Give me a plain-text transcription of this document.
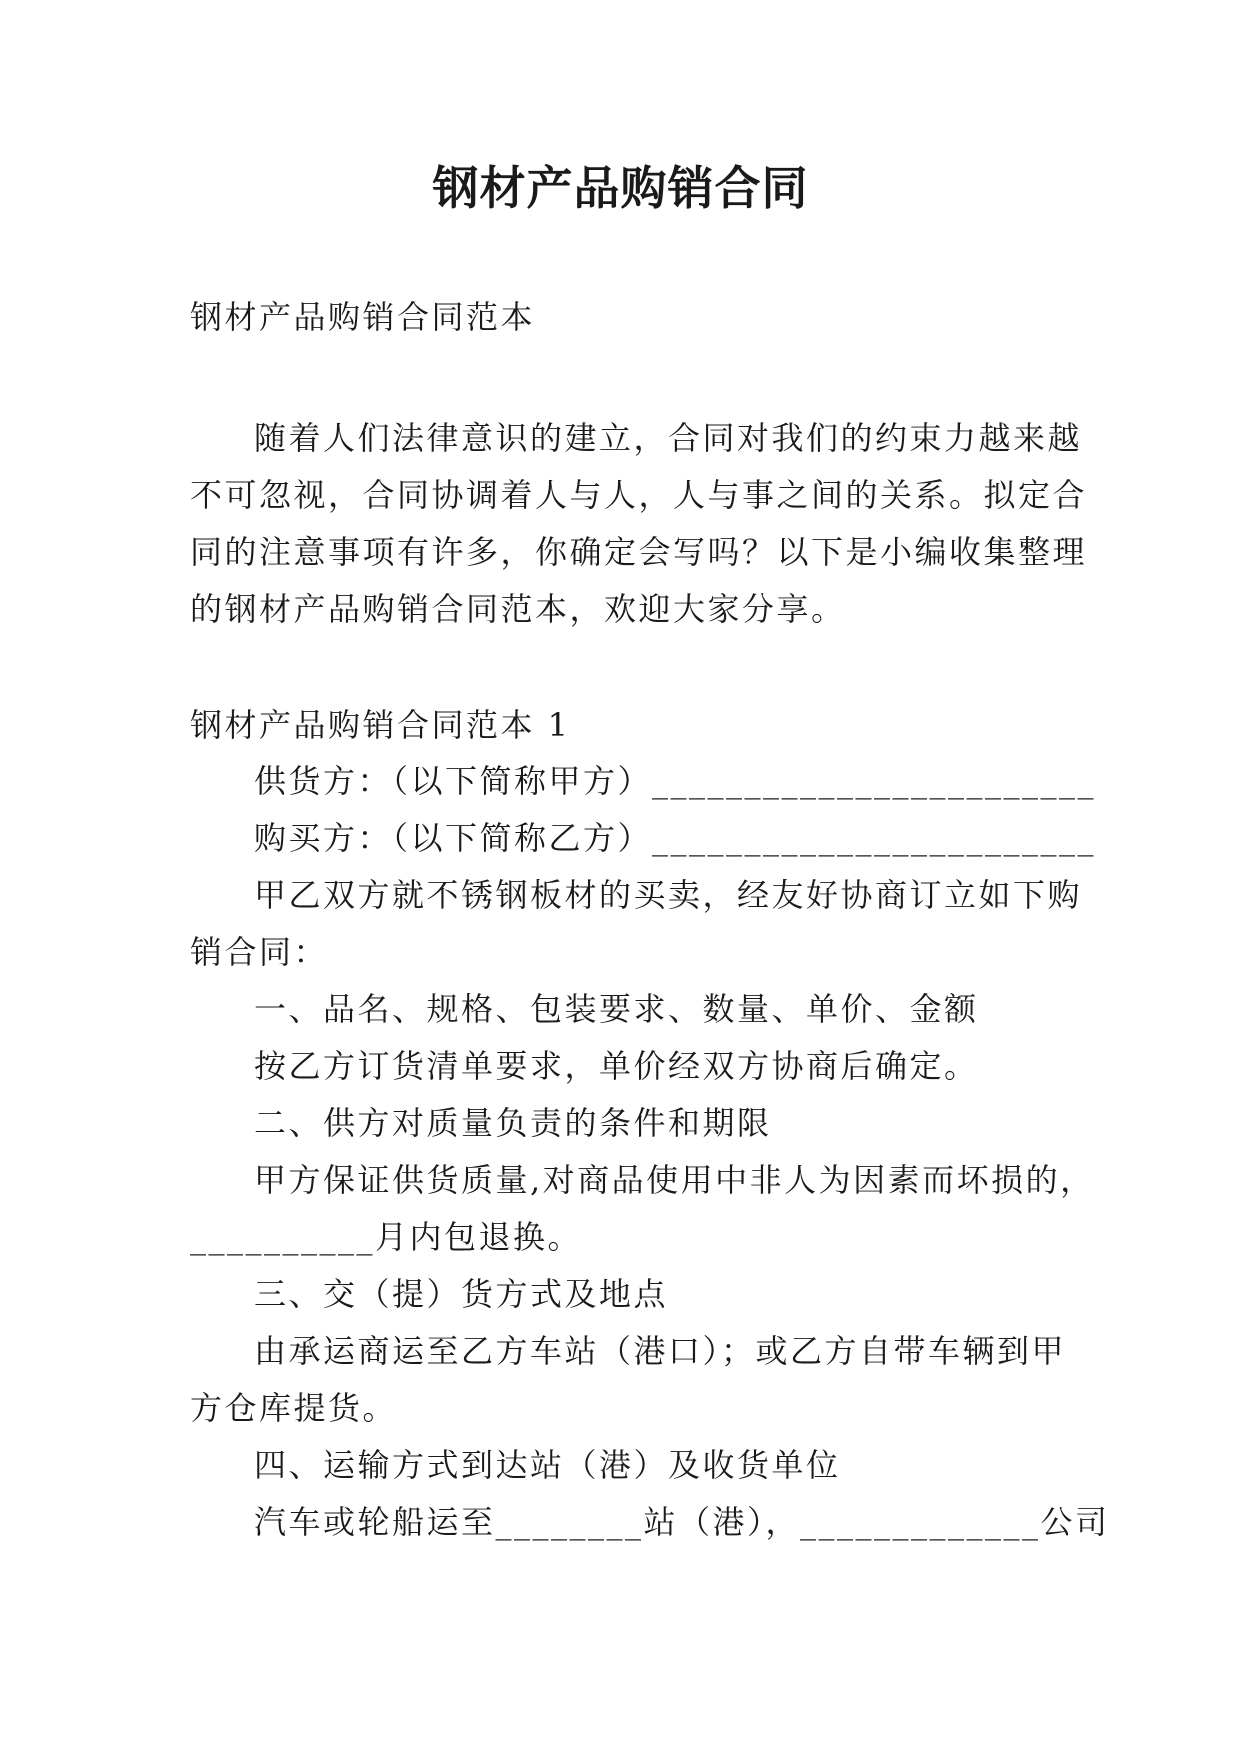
钢材产品购销合同
钢材产品购销合同范本
随着人们法律意识的建立，合同对我们的约束力越来越
不可忽视，合同协调着人与人，人与事之间的关系。拟定合
同的注意事项有许多，你确定会写吗？以下是小编收集整理
的钢材产品购销合同范本，欢迎大家分享。
钢材产品购销合同范本 1
供货方：（以下简称甲方）________________________
购买方：（以下简称乙方）________________________
甲乙双方就不锈钢板材的买卖，经友好协商订立如下购
销合同：
一、品名、规格、包装要求、数量、单价、金额
按乙方订货清单要求，单价经双方协商后确定。
二、供方对质量负责的条件和期限
甲方保证供货质量,对商品使用中非人为因素而坏损的，
__________月内包退换。
三、交（提）货方式及地点
由承运商运至乙方车站（港口）；或乙方自带车辆到甲
方仓库提货。
四、运输方式到达站（港）及收货单位
汽车或轮船运至________站（港），_____________公司
